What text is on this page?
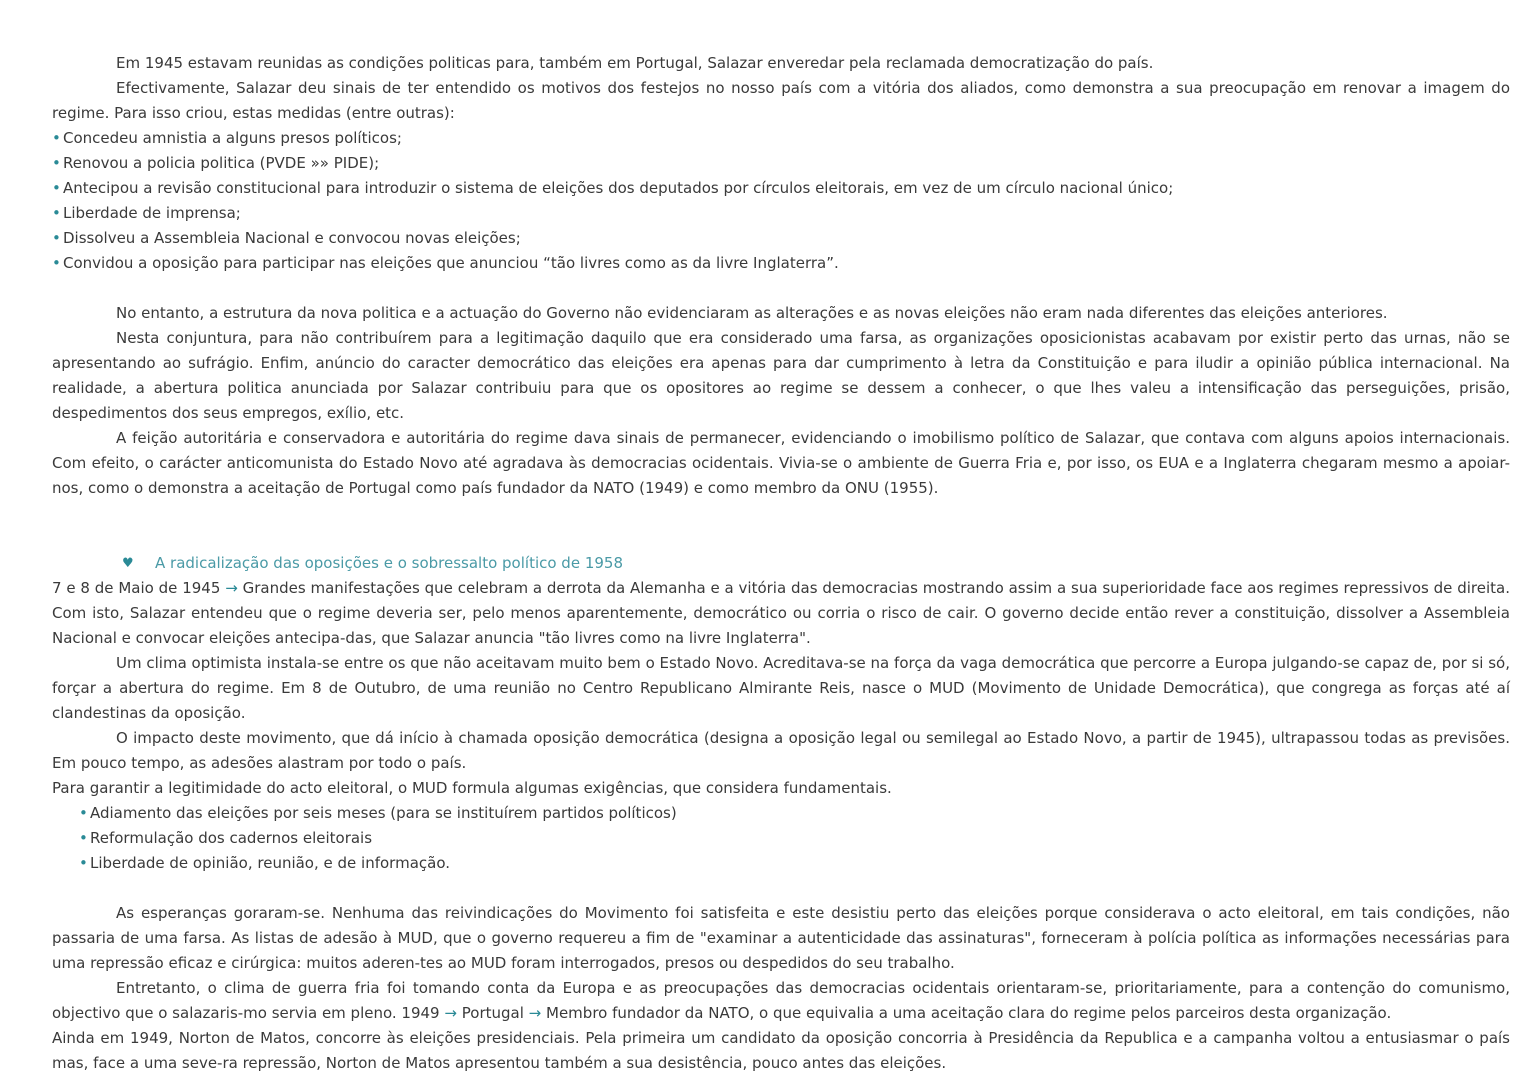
Em 1945 estavam reunidas as condições politicas para, também em Portugal, Salazar enveredar pela reclamada democratização do país.

Efectivamente, Salazar deu sinais de ter entendido os motivos dos festejos no nosso país com a vitória dos aliados, como demonstra a sua preocupação em renovar a imagem do regime. Para isso criou, estas medidas (entre outras):

• Concedeu amnistia a alguns presos políticos;

• Renovou a policia politica (PVDE »» PIDE);

• Antecipou a revisão constitucional para introduzir o sistema de eleições dos deputados por círculos eleitorais, em vez de um círculo nacional único;

• Liberdade de imprensa;

• Dissolveu a Assembleia Nacional e convocou novas eleições;

• Convidou a oposição para participar nas eleições que anunciou “tão livres como as da livre Inglaterra”.

No entanto, a estrutura da nova politica e a actuação do Governo não evidenciaram as alterações e as novas eleições não eram nada diferentes das eleições anteriores.

Nesta conjuntura, para não contribuírem para a legitimação daquilo que era considerado uma farsa, as organizações oposicionistas acabavam por existir perto das urnas, não se apresentando ao sufrágio. Enfim, anúncio do caracter democrático das eleições era apenas para dar cumprimento à letra da Constituição e para iludir a opinião pública internacional. Na realidade, a abertura politica anunciada por Salazar contribuiu para que os opositores ao regime se dessem a conhecer, o que lhes valeu a intensificação das perseguições, prisão, despedimentos dos seus empregos, exílio, etc.

A feição autoritária e conservadora e autoritária do regime dava sinais de permanecer, evidenciando o imobilismo político de Salazar, que contava com alguns apoios internacionais. Com efeito, o carácter anticomunista do Estado Novo até agradava às democracias ocidentais. Vivia-se o ambiente de Guerra Fria e, por isso, os EUA e a Inglaterra chegaram mesmo a apoiar-nos, como o demonstra a aceitação de Portugal como país fundador da NATO (1949) e como membro da ONU (1955).

♥	A radicalização das oposições e o sobressalto político de 1958

7 e 8 de Maio de 1945 → Grandes manifestações que celebram a derrota da Alemanha e a vitória das democracias mostrando assim a sua superioridade face aos regimes repressivos de direita. Com isto, Salazar entendeu que o regime deveria ser, pelo menos aparentemente, democrático ou corria o risco de cair. O governo decide então rever a constituição, dissolver a Assembleia Nacional e convocar eleições antecipa-das, que Salazar anuncia "tão livres como na livre Inglaterra".

Um clima optimista instala-se entre os que não aceitavam muito bem o Estado Novo. Acreditava-se na força da vaga democrática que percorre a Europa julgando-se capaz de, por si só, forçar a abertura do regime. Em 8 de Outubro, de uma reunião no Centro Republicano Almirante Reis, nasce o MUD (Movimento de Unidade Democrática), que congrega as forças até aí clandestinas da oposição.

O impacto deste movimento, que dá início à chamada oposição democrática (designa a oposição legal ou semilegal ao Estado Novo, a partir de 1945), ultrapassou todas as previsões. Em pouco tempo, as adesões alastram por todo o país.

Para garantir a legitimidade do acto eleitoral, o MUD formula algumas exigências, que considera fundamentais.

• Adiamento das eleições por seis meses (para se instituírem partidos políticos)

• Reformulação dos cadernos eleitorais

• Liberdade de opinião, reunião, e de informação.

As esperanças goraram-se. Nenhuma das reivindicações do Movimento foi satisfeita e este desistiu perto das eleições porque considerava o acto eleitoral, em tais condições, não passaria de uma farsa. As listas de adesão à MUD, que o governo requereu a fim de "examinar a autenticidade das assinaturas", forneceram à polícia política as informações necessárias para uma repressão eficaz e cirúrgica: muitos aderen-tes ao MUD foram interrogados, presos ou despedidos do seu trabalho.

Entretanto, o clima de guerra fria foi tomando conta da Europa e as preocupações das democracias ocidentais orientaram-se, prioritariamente, para a contenção do comunismo, objectivo que o salazaris-mo servia em pleno. 1949 → Portugal → Membro fundador da NATO, o que equivalia a uma aceitação clara do regime pelos parceiros desta organização.

Ainda em 1949, Norton de Matos, concorre às eleições presidenciais. Pela primeira um candidato da oposição concorria à Presidência da Republica e a campanha voltou a entusiasmar o país mas, face a uma seve-ra repressão, Norton de Matos apresentou também a sua desistência, pouco antes das eleições.
